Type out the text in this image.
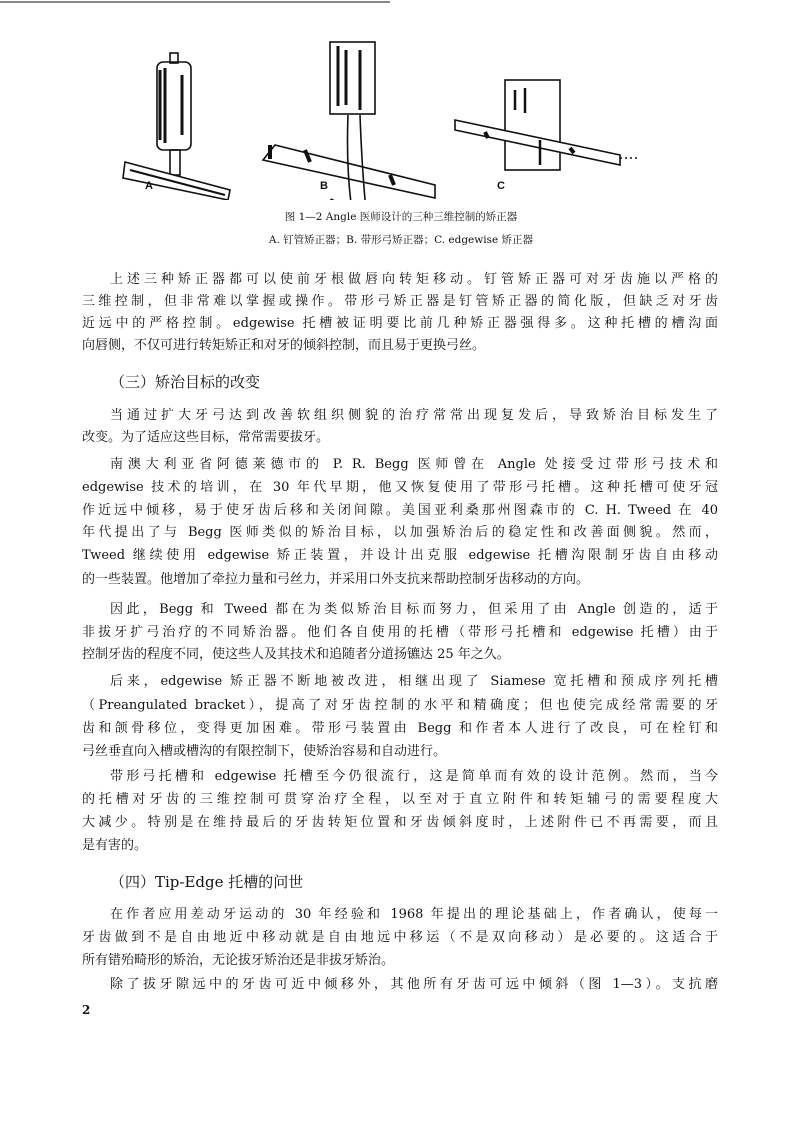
A	B	C
图 1—2 Angle 医师设计的三种三维控制的矫正器
A. 钉管矫正器；B. 带形弓矫正器；C. edgewise 矫正器
上述三种矫正器都可以使前牙根做唇向转矩移动。钉管矫正器可对牙齿施以严格的
三维控制，但非常难以掌握或操作。带形弓矫正器是钉管矫正器的简化版，但缺乏对牙齿
近远中的严格控制。edgewise 托槽被证明要比前几种矫正器强得多。这种托槽的槽沟面
向唇侧，不仅可进行转矩矫正和对牙的倾斜控制，而且易于更换弓丝。
当通过扩大牙弓达到改善软组织侧貌的治疗常常出现复发后，导致矫治目标发生了
改变。为了适应这些目标，常常需要拔牙。
南澳大利亚省阿德莱德市的 P. R. Begg 医师曾在 Angle 处接受过带形弓技术和
edgewise 技术的培训，在 30 年代早期，他又恢复使用了带形弓托槽。这种托槽可使牙冠
作近远中倾移，易于使牙齿后移和关闭间隙。美国亚利桑那州图森市的 C. H. Tweed 在 40
年代提出了与 Begg 医师类似的矫治目标，以加强矫治后的稳定性和改善面侧貌。然而，
Tweed 继续使用 edgewise 矫正装置，并设计出克服 edgewise 托槽沟限制牙齿自由移动
的一些装置。他增加了牵拉力量和弓丝力，并采用口外支抗来帮助控制牙齿移动的方向。
因此，Begg 和 Tweed 都在为类似矫治目标而努力，但采用了由 Angle 创造的，适于
非拔牙扩弓治疗的不同矫治器。他们各自使用的托槽（带形弓托槽和 edgewise 托槽）由于
控制牙齿的程度不同，使这些人及其技术和追随者分道扬镳达 25 年之久。
后来，edgewise 矫正器不断地被改进，相继出现了 Siamese 宽托槽和预成序列托槽
（Preangulated bracket），提高了对牙齿控制的水平和精确度；但也使完成经常需要的牙
齿和颌骨移位，变得更加困难。带形弓装置由 Begg 和作者本人进行了改良，可在栓钉和
弓丝垂直向入槽或槽沟的有限控制下，使矫治容易和自动进行。
带形弓托槽和 edgewise 托槽至今仍很流行，这是简单而有效的设计范例。然而，当今
的托槽对牙齿的三维控制可贯穿治疗全程，以至对于直立附件和转矩辅弓的需要程度大
大减少。特别是在维持最后的牙齿转矩位置和牙齿倾斜度时，上述附件已不再需要，而且
是有害的。
在作者应用差动牙运动的 30 年经验和 1968 年提出的理论基础上，作者确认，使每一
牙齿做到不是自由地近中移动就是自由地远中移运（不是双向移动）是必要的。这适合于
所有错殆畸形的矫治，无论拔牙矫治还是非拔牙矫治。
除了拔牙隙远中的牙齿可近中倾移外，其他所有牙齿可远中倾斜（图 1—3）。支抗磨
（三）矫治目标的改变
（四）Tip-Edge 托槽的问世
2
